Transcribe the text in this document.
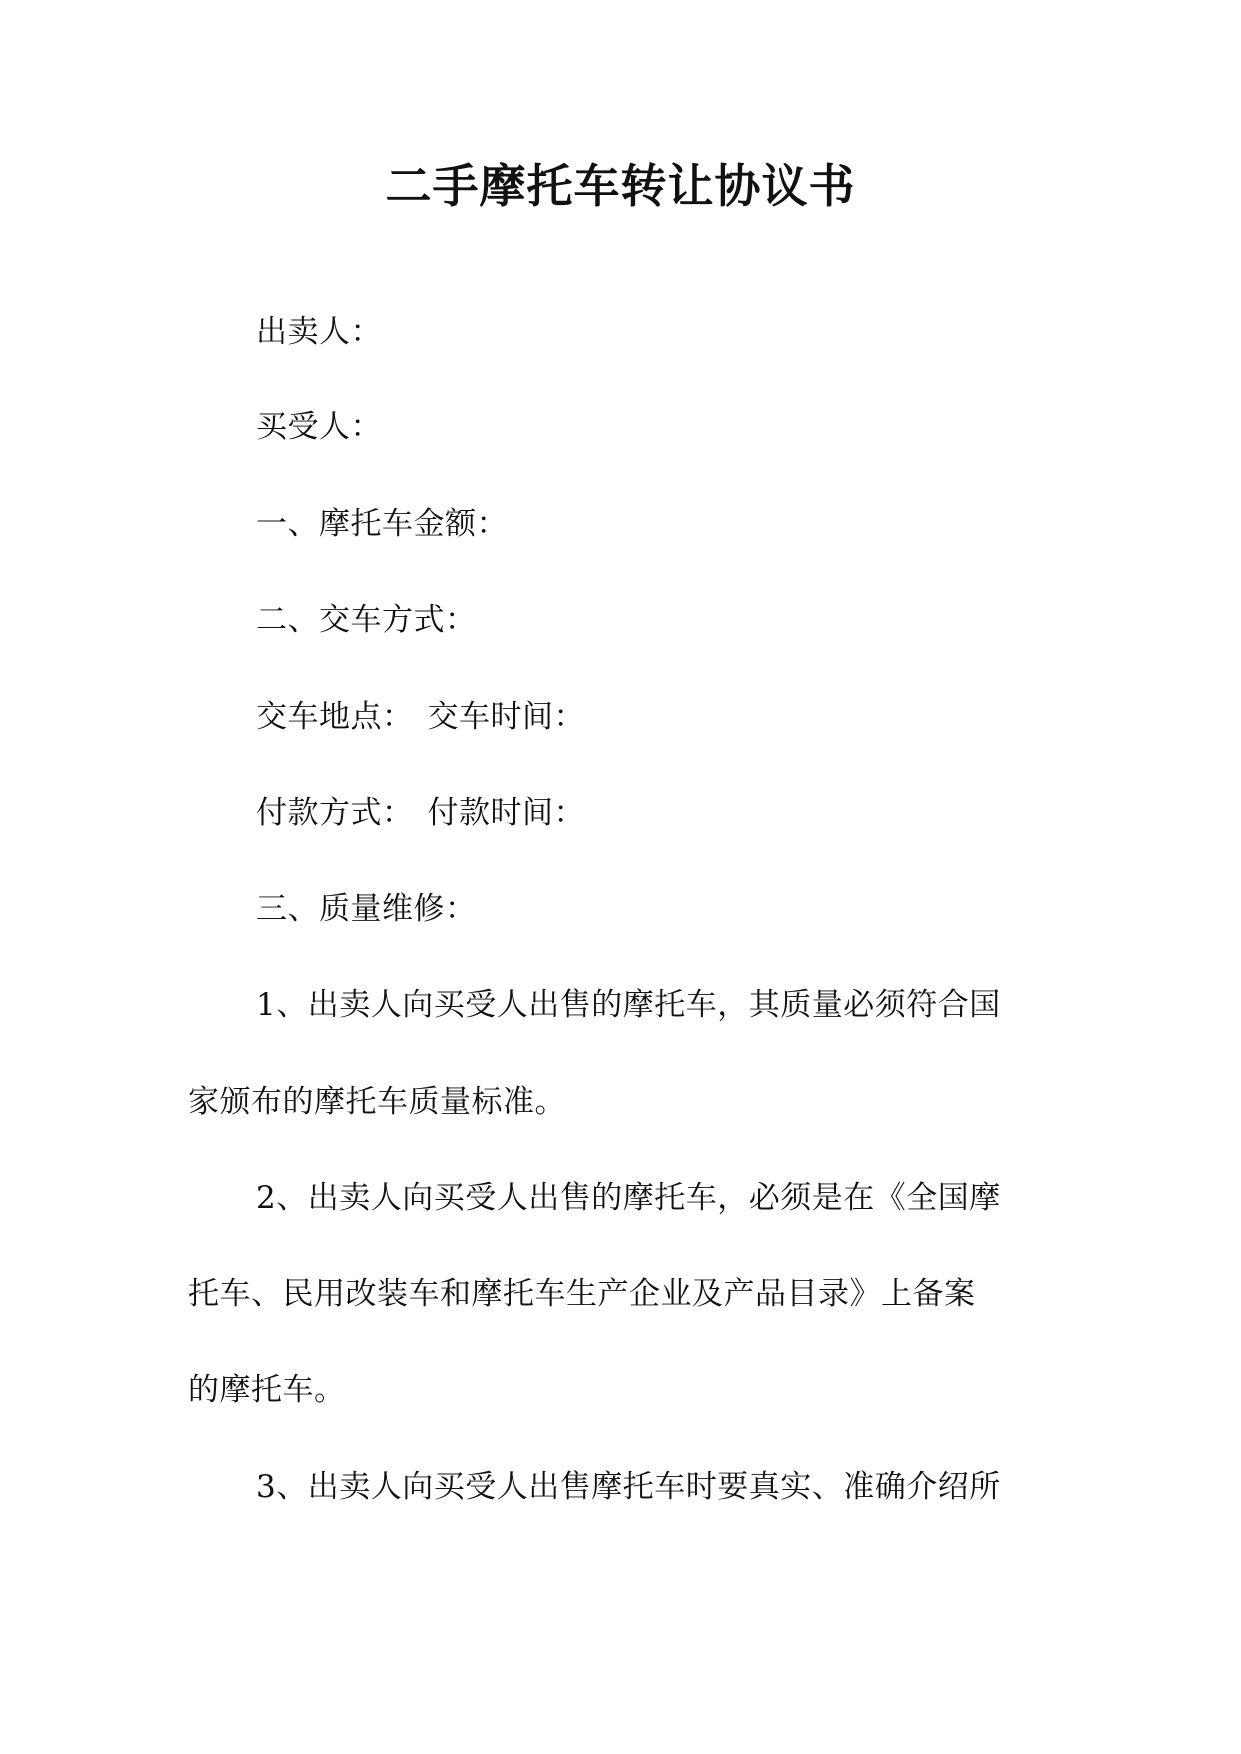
二手摩托车转让协议书
出卖人：
买受人：
一、摩托车金额：
二、交车方式：
交车地点： 交车时间：
付款方式： 付款时间：
三、质量维修：
1、出卖人向买受人出售的摩托车，其质量必须符合国
家颁布的摩托车质量标准。
2、出卖人向买受人出售的摩托车，必须是在《全国摩
托车、民用改装车和摩托车生产企业及产品目录》上备案
的摩托车。
3、出卖人向买受人出售摩托车时要真实、准确介绍所
